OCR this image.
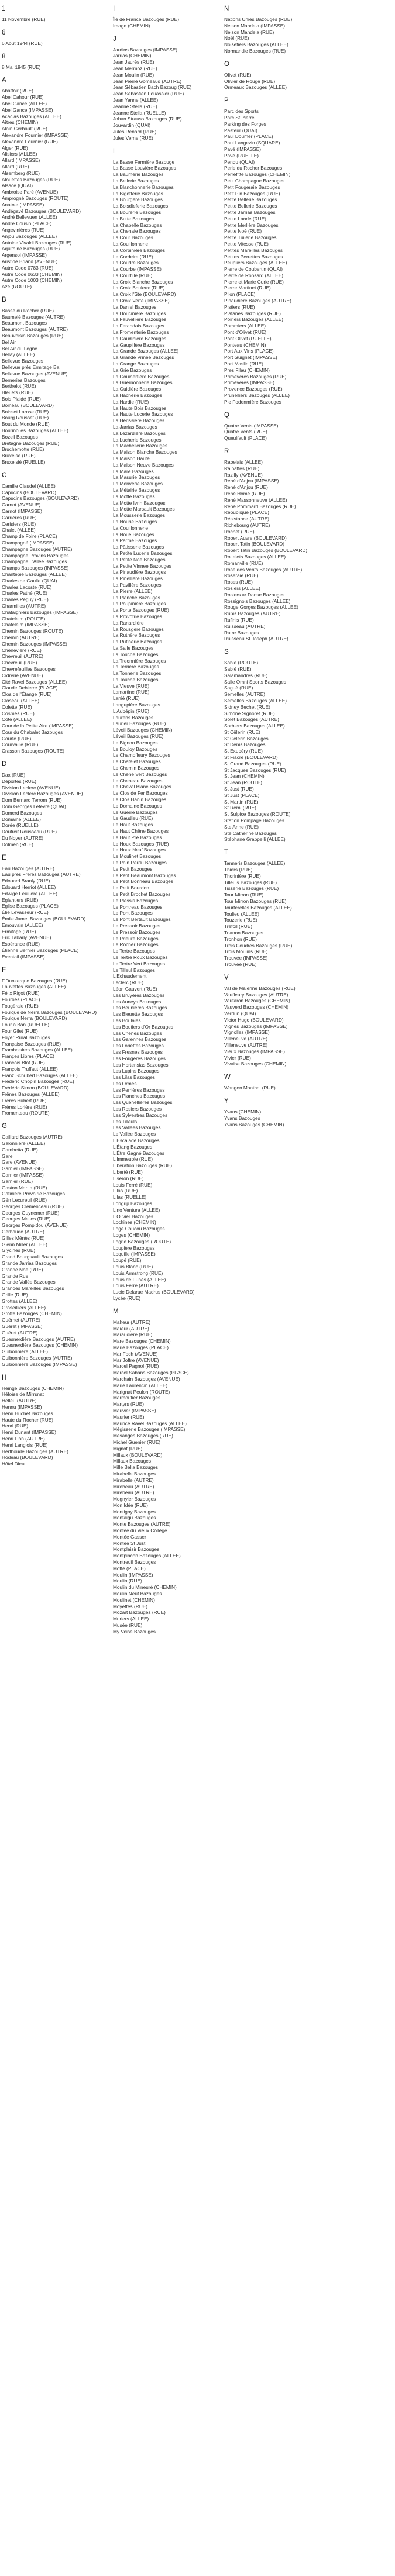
1
11 Novembre (RUE)
6
6 Août 1944 (RUE)
8
8 Mai 1945 (RUE)
A
Abattoir (RUE)
Abel Cahour (RUE)
Abel Gance (ALLEE)
Abel Gance (IMPASSE)
Acacias Bazouges (ALLEE)
Aîtres (CHEMIN)
Alain Gerbault (RUE)
Alexandre Fournier (IMPASSE)
Alexandre Fournier (RUE)
Alger (RUE)
Alisiers (ALLEE)
Allard (IMPASSE)
Allard (RUE)
Alsemberg (RUE)
Alouettes Bazouges (RUE)
Alsace (QUAI)
Ambroise Paré (AVENUE)
Amprogné Bazouges (ROUTE)
Anatole (IMPASSE)
Andégavé Bazouges (BOULEVARD)
André Bellevuen (ALLEE)
André Cousin (PLACE)
Angevinières (RUE)
Anjou Bazouges (ALLEE)
Antoine Vivaldi Bazouges (RUE)
Aquitaine Bazouges (RUE)
Argensol (IMPASSE)
Aristide Briand (AVENUE)
Autre Code 0783 (RUE)
Autre Code 0633 (CHEMIN)
Autre Code 1003 (CHEMIN)
Azé (ROUTE)
B
Basse du Rocher (RUE)
Baumelé Bazouges (AUTRE)
Beaumont Bazouges
Beaumont Bazouges (AUTRE)
Beauvoisin Bazouges (RUE)
Bel Air
Bel Air du Légné
Bellay (ALLEE)
Bellevue Bazouges
Bellevue près Ermitage Ba
Bellevue Bazouges (AVENUE)
Berneries Bazouges
Berthelot (RUE)
Bleuets (RUE)
Bois Plaidé (RUE)
Boineau (BOULEVARD)
Boisset Larose (RUE)
Bourg Rousset (RUE)
Bout du Monde (RUE)
Bourinolles Bazouges (ALLEE)
Bozell Bazouges
Bretagne Bazouges (RUE)
Bruchemotte (RUE)
Bruxeise (RUE)
Bruxeisié (RUELLE)
C
Camille Claudel (ALLEE)
Capucins (BOULEVARD)
Capucins Bazouges (BOULEVARD)
Carnot (AVENUE)
Carnot (IMPASSE)
Carrières (RUE)
Cerisiers (RUE)
Chalet (ALLEE)
Champ de Foire (PLACE)
Champagné (IMPASSE)
Champagne Bazouges (AUTRE)
Champagne Provins Bazouges
Champagne L'Allée Bazouges
Champs Bazouges (IMPASSE)
Chantepie Bazouges (ALLEE)
Charles de Gaulle (QUAI)
Charles Lacoste (RUE)
Charles Pathé (RUE)
Charles Peguy (RUE)
Charmilles (AUTRE)
Châtaigniers Bazouges (IMPASSE)
Chateleim (ROUTE)
Chateleim (IMPASSE)
Chemin Bazouges (ROUTE)
Chemin (AUTRE)
Chemin Bazouges (IMPASSE)
Chênevière (RUE)
Chevreuil (AUTRE)
Chevreuil (RUE)
Chevrefeuilles Bazouges
Cidrerie (AVENUE)
Cité Ravel Bazouges (ALLEE)
Claude Debierre (PLACE)
Clos de l'Étange (RUE)
Closeau (ALLEE)
Colette (RUE)
Cosmes (RUE)
Côte (ALLEE)
Cour de la Petite Aire (IMPASSE)
Cour du Chabalet Bazouges
Courte (RUE)
Courvaille (RUE)
Crasson Bazouges (ROUTE)
D
Dax (RUE)
Déportés (RUE)
Division Leclerc (AVENUE)
Division Leclerc Bazouges (AVENUE)
Dom Bernard Terrom (RUE)
Dom Georges Lefèvre (QUAI)
Domerd Bazouges
Domaine (ALLEE)
Dorée (RUELLE)
Doutreit Rousseau (RUE)
Du Noyer (AUTRE)
Dolmen (RUE)
E
Eau Bazouges (AUTRE)
Eau près Freres Bazouges (AUTRE)
Edouard Branly (RUE)
Edouard Herriot (ALLEE)
Edwige Feuillère (ALLEE)
Églantiers (RUE)
Église Bazouges (PLACE)
Élie Levasseur (RUE)
Émile Jamet Bazouges (BOULEVARD)
Émouvain (ALLEE)
Ermitage (RUE)
Eric Tabarly (AVENUE)
Espérance (RUE)
Étienne Bernier Bazouges (PLACE)
Eventail (IMPASSE)
F
F.Dunkerque Bazouges (RUE)
Fauvettes Bazouges (ALLEE)
Félix Rigot (RUE)
Fourbes (PLACE)
Fougèraie (RUE)
Foulque de Nerra Bazouges (BOULEVARD)
Foulque Nerra (BOULEVARD)
Four à Ban (RUELLE)
Four Gilet (RUE)
Foyer Rural Bazouges
Française Bazouges (RUE)
Framboisiers Bazouges (ALLEE)
Françes Libres (PLACE)
Francois Blot (RUE)
François Truffaut (ALLEE)
Franz Schubert Bazouges (ALLEE)
Frédéric Chopin Bazouges (RUE)
Frédéric Simon (BOULEVARD)
Frênes Bazouges (ALLEE)
Frères Hubert (RUE)
Frères Lorière (RUE)
Fromenteau (ROUTE)
G
Gaillard Bazouges (AUTRE)
Galonnière (ALLEE)
Gambetta (RUE)
Gare
Gare (AVENUE)
Garnier (IMPASSE)
Garnier (IMPASSE)
Garnier (RUE)
Gaston Martin (RUE)
Gâtinière Provoirie Bazouges
Gén Lecureuil (RUE)
Georges Clémenceau (RUE)
Georges Guynemer (RUE)
Georges Melies (RUE)
Georges Pompidou (AVENUE)
Gerbaude (AUTRE)
Gilles Ménès (RUE)
Glenn Miller (ALLEE)
Glycines (RUE)
Grand Bourgsault Bazouges
Grande Jarrias Bazouges
Grande Noë (RUE)
Grande Rue
Grande Vallée Bazouges
Grandes Mareilles Bazouges
Grille (RUE)
Grottes (ALLEE)
Groseilliers (ALLEE)
Grotte Bazouges (CHEMIN)
Guérnet (AUTRE)
Guéret (IMPASSE)
Guéret (AUTRE)
Guesnerdière Bazouges (AUTRE)
Guesnerdière Bazouges (CHEMIN)
Guibonnière (ALLEE)
Guibonnière Bazouges (AUTRE)
Guibonnière Bazouges (IMPASSE)
H
Heinge Bazouges (CHEMIN)
Héloïse de Mirrsnat
Helleu (AUTRE)
Hennu (IMPASSE)
Henri Huchet Bazouges
Haute du Rocher (RUE)
Henri (RUE)
Henri Dunant (IMPASSE)
Henri Lion (AUTRE)
Henri Langlois (RUE)
Herthoude Bazouges (AUTRE)
Hodeau (BOULEVARD)
Hôtel Dieu
I
Île de France Bazouges (RUE)
Image (CHEMIN)
J
Jardins Bazouges (IMPASSE)
Jarrias (CHEMIN)
Jean Jaurès (RUE)
Jean Mermoz (RUE)
Jean Moulin (RUE)
Jean Pierre Gomeaud (AUTRE)
Jean Sébastien Bach Bazoug (RUE)
Jean Sébastien Fouassier (RUE)
Jean Yanne (ALLEE)
Jeanne Stella (RUE)
Jeanne Stella (RUELLE)
Johan Strauss Bazouges (RUE)
Jouvardin (QUAI)
Jules Renard (RUE)
Jules Verne (RUE)
L
La Basse Fermière Bazouge
La Basse Louvière Bazouges
La Baumerie Bazouges
La Bellerie Bazouges
La Blanchonnerie Bazouges
La Bigotterie Bazouges
La Bourgère Bazouges
La Boisdieferie Bazouges
La Bourerie Bazouges
La Butte Bazouges
La Chapelle Bazouges
La Chenaie Bazouges
La Cour Bazouges
La Couillonnerie
La Corbinière Bazouges
Le Cordeire (RUE)
La Coudre Bazouges
La Courbe (IMPASSE)
La Courtille (RUE)
La Croix Blanche Bazouges
La Croix Bouleux (RUE)
La Croix l'Ste (BOULEVARD)
La Croix Verte (IMPASSE)
La Daniel Bazouges
La Doucinière Bazouges
La Fauvellière Bazouges
La Ferandais Bazouges
La Fromenterie Bazouges
La Gaudinière Bazouges
La Gaupillère Bazouges
La Grande Bazouges (ALLEE)
La Grande Vrinée Bazouges
La Grange Bazouges
La Grie Bazouges
La Gouinertière Bazouges
La Guernonnerie Bazouges
La Guidière Bazouges
La Hacherie Bazouges
La Hardie (RUE)
La Haute Bois Bazouges
La Haute Lucerie Bazouges
La Hérissière Bazouges
La Jarrias Bazouges
La Lézardière Bazouges
La Lucherie Bazouges
La Machellerie Bazouges
La Maison Blanche Bazouges
La Maison Haute
La Maison Neuve Bazouges
La Mare Bazouges
La Masurie Bazouges
La Mériverie Bazouges
La Métairie Bazouges
La Motte Bazouges
La Motte Ivrin Bazouges
La Motte Marsault Bazouges
La Mousserie Bazouges
La Nourie Bazouges
La Couillonnerie
La Noue Bazouges
La Parme Bazouges
La Pâtisserie Bazouges
La Petite Lucerie Bazouges
La Petite Noé Bazouges
La Petite Vinnee Bazouges
La Pinaudière Bazouges
La Pinellière Bazouges
La Pavillère Bazouges
La Pierre (ALLEE)
La Planche Bazouges
La Poupinière Bazouges
La Porte Bazouges (RUE)
La Provotrie Bazouges
La Ranardière
La Rousgere Bazouges
La Ruthère Bazouges
La Rufinerie Bazouges
La Salle Bazouges
La Touche Bazouges
La Treonnière Bazouges
La Terrière Bazouges
La Tonnerie Bazouges
La Touche Bazouges
La Vieuve (RUE)
Lamartine (RUE)
Lanié (RUE)
Langupière Bazouges
L'Aubépin (RUE)
Laurens Bazouges
Laurier Bazouges (RUE)
Léveil Bazouges (CHEMIN)
Léveil Bazouges (RUE)
Le Bignon Bazouges
Le Bouloy Bazouges
Le Champfleury Bazouges
Le Chatelet Bazouges
Le Chemin Bazouges
Le Chêne Vert Bazouges
Le Cheneau Bazouges
Le Cheval Blanc Bazouges
Le Clos de Fer Bazouges
Le Clos Hanin Bazouges
Le Domaine Bazouges
Le Guerre Bazouges
Le Gaudieu (RUE)
Le Haut Bazouges
Le Haut Chêne Bazouges
Le Haut Pré Bazouges
Le Houx Bazouges (RUE)
Le Houx Neuf Bazouges
Le Moulinet Bazouges
Le Pain Perdu Bazouges
Le Petit Bazouges
Le Petit Beaumont Bazouges
Le Petit Bonneau Bazouges
Le Petit Bourdon
Le Petit Brochet Bazouges
Le Plessis Bazouges
Le Pontreau Bazouges
Le Pont Bazouges
Le Pont Bertault Bazouges
Le Pressoir Bazouges
Le Pressoir Bazouges
Le Prieuré Bazouges
Le Rocher Bazouges
Le Tertre Bazouges
Le Tertre Roux Bazouges
Le Tertre Vert Bazouges
Le Tilleul Bazouges
L'Echaudement
Leclerc (RUE)
Léon Gauvert (RUE)
Les Bruyères Bazouges
Les Auneys Bazouges
Les Beunières Bazouges
Les Bleuette Bazouges
Les Boulaies
Les Boutiers d'Or Bazouges
Les Chênes Bazouges
Les Garennes Bazouges
Les Loriettes Bazouges
Les Fresnes Bazouges
Les Fougères Bazouges
Les Hortensias Bazouges
Les Lupins Bazouges
Les Lilas Bazouges
Les Ormes
Les Perrières Bazouges
Les Planches Bazouges
Les Quenellières Bazouges
Les Rosiers Bazouges
Les Sylvestres Bazouges
Les Tilleuls
Les Vallées Bazouges
Le Vallée Bazouges
L'Escalade Bazouges
L'Étang Bazouges
L'Étre Gagné Bazouges
L'Immeuble (RUE)
Libération Bazouges (RUE)
Liberté (RUE)
Liseron (RUE)
Louis Ferré (RUE)
Lilas (RUE)
Lilas (RUELLE)
Longrip Bazouges
Lino Ventura (ALLEE)
L'Olivier Bazouges
Lochines (CHEMIN)
Loge Coucou Bazouges
Loges (CHEMIN)
Logriè Bazouges (ROUTE)
Loupière Bazouges
Loquille (IMPASSE)
Loupé (RUE)
Louis Blanc (RUE)
Louis Armstrong (RUE)
Louis de Funès (ALLEE)
Louis Ferré (AUTRE)
Lucie Delarue Madrus (BOULEVARD)
Lycée (RUE)
M
Maheur (AUTRE)
Maïeur (AUTRE)
Maraudière (RUE)
Mare Bazouges (CHEMIN)
Marie Bazouges (PLACE)
Mar Foch (AVENUE)
Mar Joffre (AVENUE)
Marcel Pagnol (RUE)
Marcel Sabans Bazouges (PLACE)
Marchain Bazouges (AVENUE)
Marie Laurencin (ALLEE)
Marignat Peulon (ROUTE)
Marmoutier Bazouges
Martyrs (RUE)
Mauvier (IMPASSE)
Maurier (RUE)
Maurice Ravel Bazouges (ALLEE)
Mégisserie Bazouges (IMPASSE)
Mésanges Bazouges (RUE)
Michel Guenier (RUE)
Mignot (RUE)
Millaux (BOULEVARD)
Millaux Bazouges
Mille Bella Bazouges
Mirabelle Bazouges
Mirabelle (AUTRE)
Mirebeau (AUTRE)
Mirebeau (AUTRE)
Mognyier Bazouges
Mon Idée (RUE)
Montigny Bazouges
Montaigu Bazouges
Monte Bazouges (AUTRE)
Montée du Vieux Collège
Montée Gasser
Montée St Just
Montplaisir Bazouges
Montpincon Bazouges (ALLEE)
Montreuil Bazouges
Motte (PLACE)
Moulin (IMPASSE)
Moulin (RUE)
Moulin du Mineuré (CHEMIN)
Moulin Neuf Bazouges
Moulinet (CHEMIN)
Moyettes (RUE)
Mozart Bazouges (RUE)
Muriers (ALLEE)
Musée (RUE)
My Voisé Bazouges
N
Nations Unies Bazouges (RUE)
Nelson Mandela (IMPASSE)
Nelson Mandela (RUE)
Noël (RUE)
Noisetiers Bazouges (ALLEE)
Normandie Bazouges (RUE)
O
Olivet (RUE)
Olivier de Rouge (RUE)
Ormeaux Bazouges (ALLEE)
P
Parc des Sports
Parc St Pierre
Parking des Forges
Pasteur (QUAI)
Paul Doumer (PLACE)
Paul Langevin (SQUARE)
Pavé (IMPASSE)
Pavé (RUELLE)
Pendu (QUAI)
Perle du Rocher Bazouges
Perrefitte Bazouges (CHEMIN)
Petit Champagne Bazouges
Petit Fougeraie Bazouges
Petit Pin Bazouges (RUE)
Petite Bellerie Bazouges
Petite Bellerie Bazouges
Petite Jarrias Bazouges
Petite Lande (RUE)
Petite Merlière Bazouges
Petite Noé (RUE)
Petite Tuilerie Bazouges
Petite Vitesse (RUE)
Petites Mareilles Bazouges
Petites Perrettes Bazouges
Peupliers Bazouges (ALLEE)
Pierre de Coubertin (QUAI)
Pierre de Ronsard (ALLEE)
Pierre et Marie Curie (RUE)
Pierre Martinet (RUE)
Pilon (PLACE)
Pinaudière Bazouges (AUTRE)
Pistiers (RUE)
Platanes Bazouges (RUE)
Poiriers Bazouges (ALLEE)
Pommiers (ALLEE)
Pont d'Olivet (RUE)
Pont Olivet (RUELLE)
Ponteau (CHEMIN)
Port Aux Vins (PLACE)
Port Guignet (IMPASSE)
Port Maslin (RUE)
Pres Filau (CHEMIN)
Primevères Bazouges (RUE)
Primevères (IMPASSE)
Provence Bazouges (RUE)
Prunelliers Bazouges (ALLEE)
Pie Fodenmière Bazouges
Q
Quatre Vents (IMPASSE)
Quatre Vents (RUE)
Queulfault (PLACE)
R
Rabelais (ALLEE)
Rainaffes (RUE)
Razilly (AVENUE)
René d'Anjou (IMPASSE)
René d'Anjou (RUE)
René Homé (RUE)
René Massonneuve (ALLEE)
René Pommard Bazouges (RUE)
République (PLACE)
Résistance (AUTRE)
Richebourg (AUTRE)
Rochet (RUE)
Robert Auvre (BOULEVARD)
Robert Tatin (BOULEVARD)
Robert Tatin Bazouges (BOULEVARD)
Roitelets Bazouges (ALLEE)
Romanville (RUE)
Rose des Vents Bazouges (AUTRE)
Roseraie (RUE)
Roses (RUE)
Rosiers (ALLEE)
Rosiers ar Danse Bazouges
Rossignols Bazouges (ALLEE)
Rouge Gorges Bazouges (ALLEE)
Rubis Bazouges (AUTRE)
Rufinis (RUE)
Ruisseau (AUTRE)
Rutre Bazouges
Ruisseau St Joseph (AUTRE)
S
Sablé (ROUTE)
Sablé (RUE)
Salamandres (RUE)
Salle Omni Sports Bazouges
Saguè (RUE)
Semelles (AUTRE)
Semelles Bazouges (ALLEE)
Sidney Bechet (RUE)
Simone Signoret (RUE)
Solet Bazouges (AUTRE)
Sorbiers Bazouges (ALLEE)
St Cêlerin (RUE)
St Célerin Bazouges
St Denis Bazouges
St Exupéry (RUE)
St Fiacre (BOULEVARD)
St Grand Bazouges (RUE)
St Jacques Bazouges (RUE)
St Jean (CHEMIN)
St Jean (ROUTE)
St Just (RUE)
St Just (PLACE)
St Martin (RUE)
St Rémi (RUE)
St Sulpice Bazouges (ROUTE)
Station Pompage Bazouges
Ste Anne (RUE)
Ste Catherine Bazouges
Stéphane Grappelli (ALLEE)
T
Tanneris Bazouges (ALLEE)
Thiers (RUE)
Thorinière (RUE)
Tilleuls Bazouges (RUE)
Tisserie Bazouges (RUE)
Tour Mirron (RUE)
Tour Mirron Bazouges (RUE)
Tourterelles Bazouges (ALLEE)
Toulieu (ALLEE)
Touzerie (RUE)
Trefoil (RUE)
Trianon Bazouges
Tronhon (RUE)
Trois Coudres Bazouges (RUE)
Trois Moulins (RUE)
Trouvée (IMPASSE)
Trouvée (RUE)
V
Val de Maienne Bazouges (RUE)
Vaufleury Bazouges (AUTRE)
Vaufaron Bazouges (CHEMIN)
Vauverd Bazouges (CHEMIN)
Verdun (QUAI)
Victor Hugo (BOULEVARD)
Vignes Bazouges (IMPASSE)
Vignolles (IMPASSE)
Villeneuve (AUTRE)
Villeneuve (AUTRE)
Vieux Bazouges (IMPASSE)
Vivier (RUE)
Vivaise Bazouges (CHEMIN)
W
Wangen Maathai (RUE)
Y
Yvans (CHEMIN)
Yvans Bazouges
Yvans Bazouges (CHEMIN)
